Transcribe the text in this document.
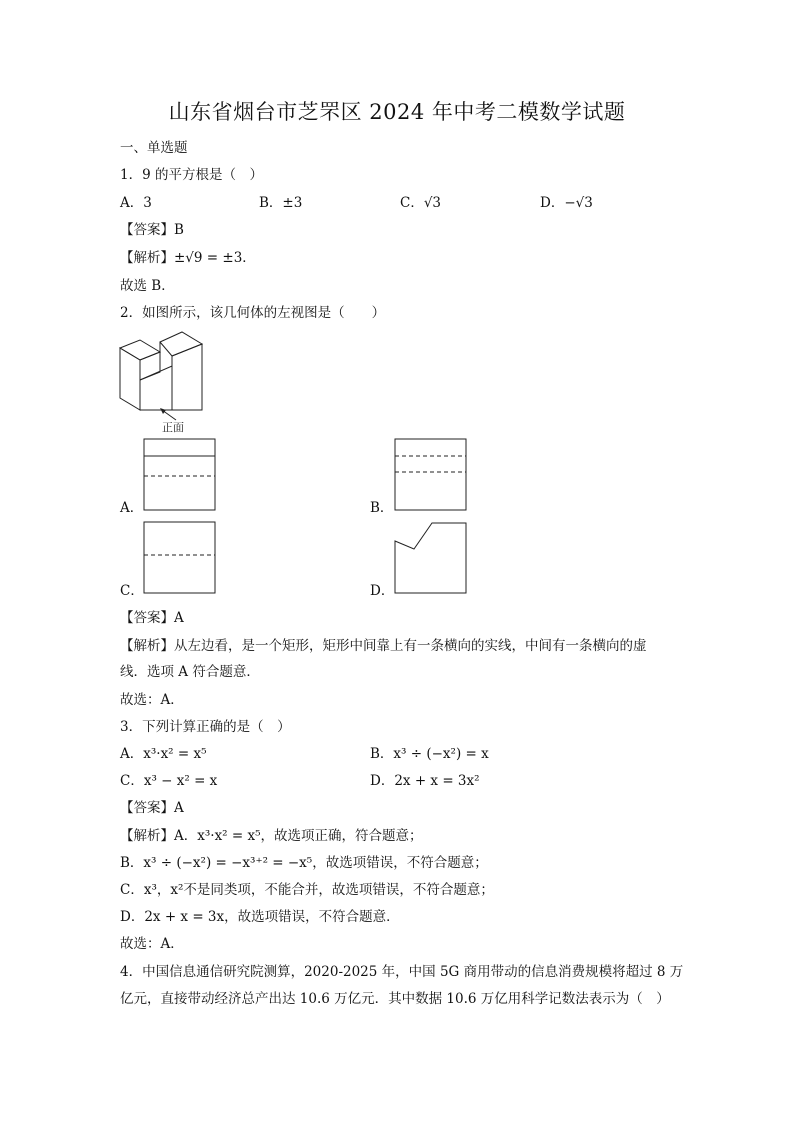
山东省烟台市芝罘区 2024 年中考二模数学试题
一、单选题
1．9 的平方根是（　）
A．3	B．±3	C．√3	D．−√3
【答案】B
【解析】±√9 = ±3．
故选 B．
2．如图所示，该几何体的左视图是（　　）
正面
A．	B．
C．	D．
【答案】A
【解析】从左边看，是一个矩形，矩形中间靠上有一条横向的实线，中间有一条横向的虚
线．选项 A 符合题意．
故选：A．
3．下列计算正确的是（　）
A．x³·x² = x⁵	B．x³ ÷ (−x²) = x
C．x³ − x² = x	D．2x + x = 3x²
【答案】A
【解析】A．x³·x² = x⁵，故选项正确，符合题意；
B．x³ ÷ (−x²) = −x³⁺² = −x⁵，故选项错误，不符合题意；
C．x³，x²不是同类项，不能合并，故选项错误，不符合题意；
D．2x + x = 3x，故选项错误，不符合题意．
故选：A．
4．中国信息通信研究院测算，2020-2025 年，中国 5G 商用带动的信息消费规模将超过 8 万
亿元，直接带动经济总产出达 10.6 万亿元．其中数据 10.6 万亿用科学记数法表示为（　）
